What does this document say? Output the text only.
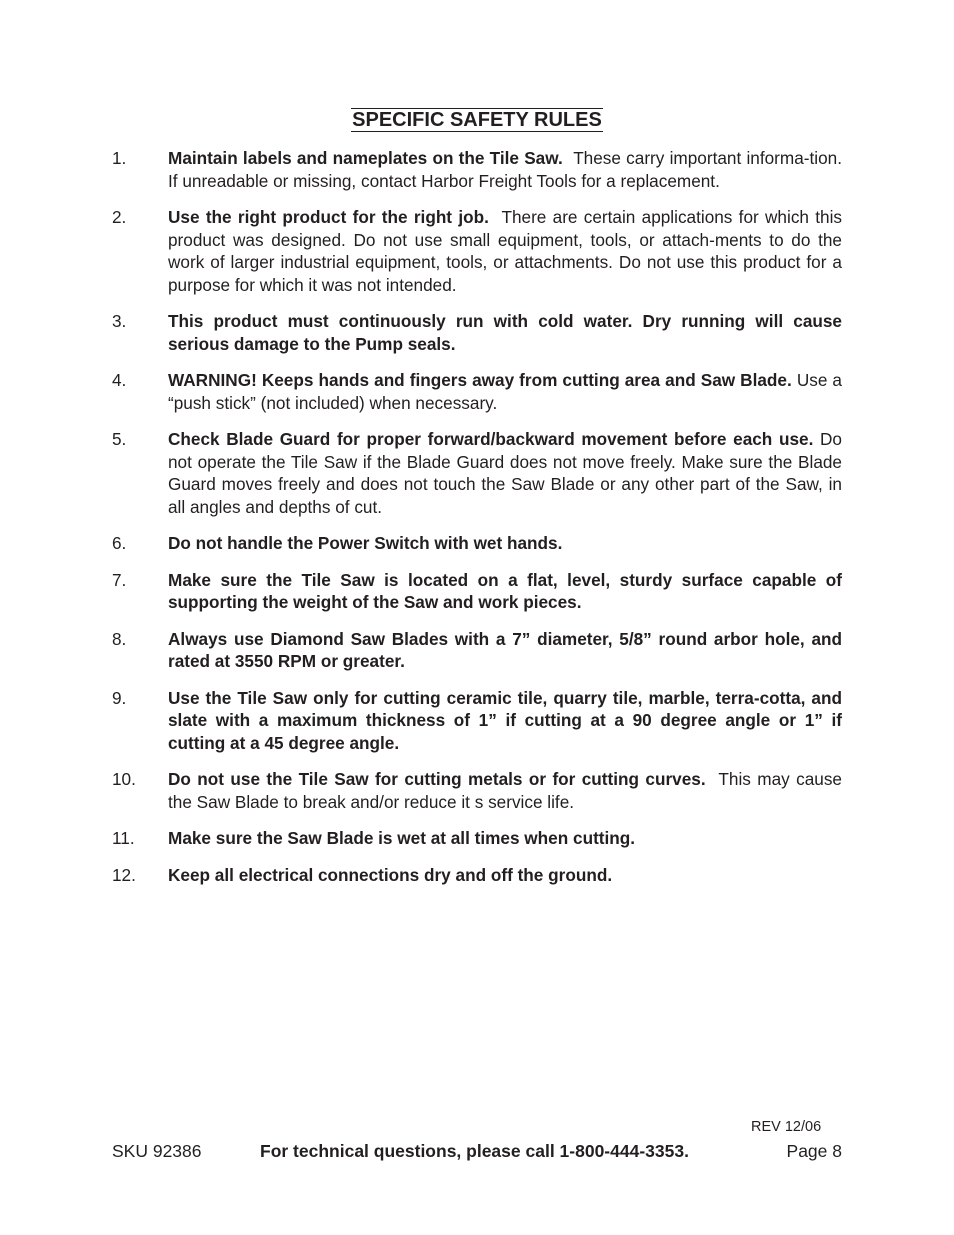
SPECIFIC SAFETY RULES
1.	Maintain labels and nameplates on the Tile Saw. These carry important informa-tion. If unreadable or missing, contact Harbor Freight Tools for a replacement.
2.	Use the right product for the right job. There are certain applications for which this product was designed. Do not use small equipment, tools, or attach-ments to do the work of larger industrial equipment, tools, or attachments. Do not use this product for a purpose for which it was not intended.
3.	This product must continuously run with cold water. Dry running will cause serious damage to the Pump seals.
4.	WARNING! Keeps hands and fingers away from cutting area and Saw Blade. Use a “push stick” (not included) when necessary.
5.	Check Blade Guard for proper forward/backward movement before each use. Do not operate the Tile Saw if the Blade Guard does not move freely. Make sure the Blade Guard moves freely and does not touch the Saw Blade or any other part of the Saw, in all angles and depths of cut.
6.	Do not handle the Power Switch with wet hands.
7.	Make sure the Tile Saw is located on a flat, level, sturdy surface capable of supporting the weight of the Saw and work pieces.
8.	Always use Diamond Saw Blades with a 7” diameter, 5/8” round arbor hole, and rated at 3550 RPM or greater.
9.	Use the Tile Saw only for cutting ceramic tile, quarry tile, marble, terra-cotta, and slate with a maximum thickness of 1” if cutting at a 90 degree angle or 1” if cutting at a 45 degree angle.
10.	Do not use the Tile Saw for cutting metals or for cutting curves. This may cause the Saw Blade to break and/or reduce it s service life.
11.	Make sure the Saw Blade is wet at all times when cutting.
12.	Keep all electrical connections dry and off the ground.
REV 12/06
SKU 92386	For technical questions, please call 1-800-444-3353.	Page 8
